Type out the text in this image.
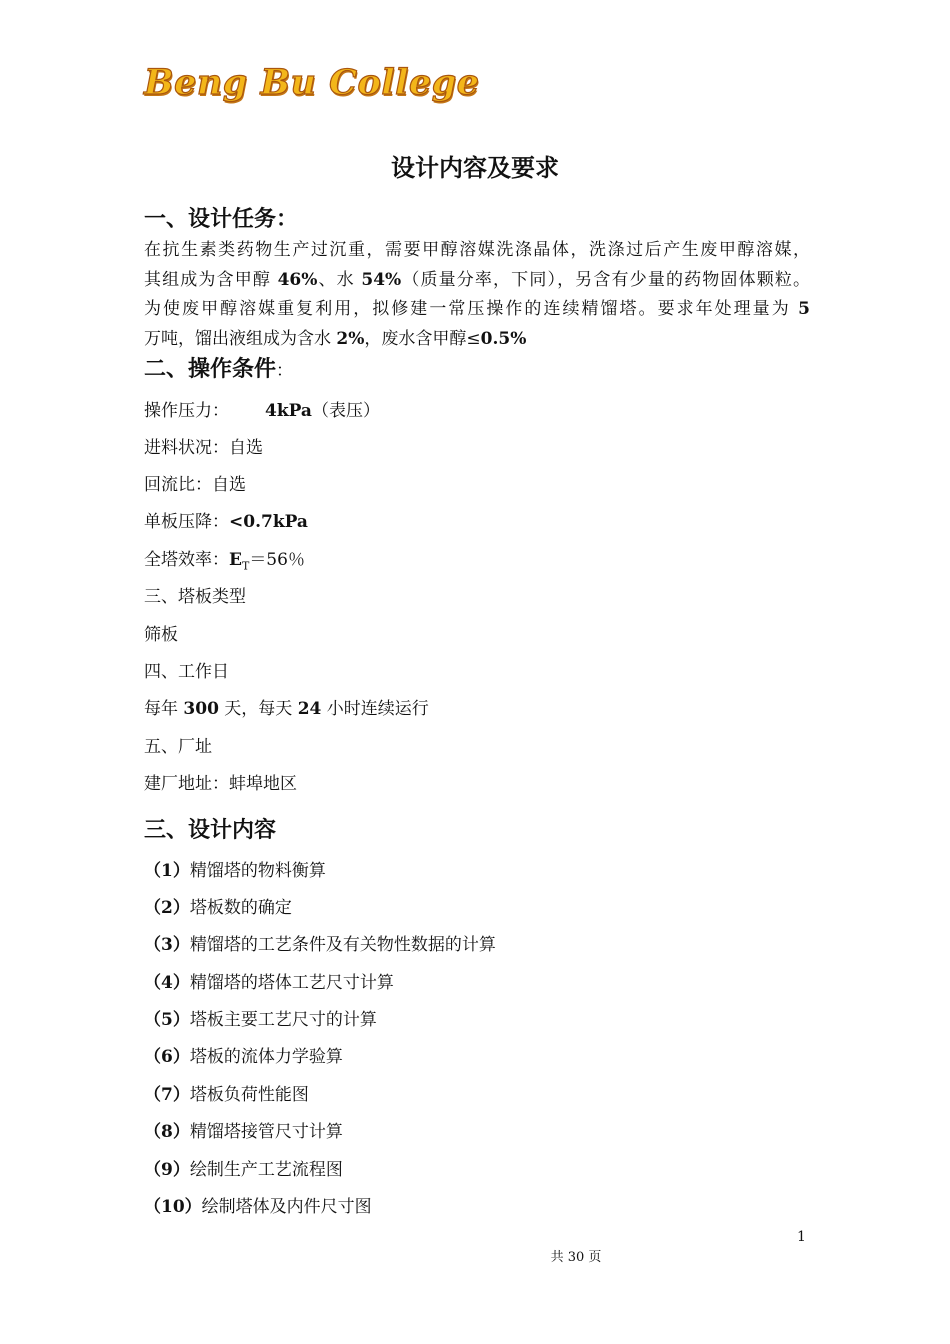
Beng Bu College
设计内容及要求
一、设计任务：
在抗生素类药物生产过沉重，需要甲醇溶媒洗涤晶体，洗涤过后产生废甲醇溶媒，
其组成为含甲醇 46%、水 54%（质量分率，下同），另含有少量的药物固体颗粒。
为使废甲醇溶媒重复利用，拟修建一常压操作的连续精馏塔。要求年处理量为 5
万吨，馏出液组成为含水 2%，废水含甲醇≤0.5%
二、操作条件：
操作压力： 4kPa（表压）
进料状况：自选
回流比：自选
单板压降：<0.7kPa
全塔效率：$E_T=56$％
三、塔板类型
筛板
四、工作日
每年 300 天，每天 24 小时连续运行
五、厂址
建厂地址：蚌埠地区
三、设计内容
（1）精馏塔的物料衡算
（2）塔板数的确定
（3）精馏塔的工艺条件及有关物性数据的计算
（4）精馏塔的塔体工艺尺寸计算
（5）塔板主要工艺尺寸的计算
（6）塔板的流体力学验算
（7）塔板负荷性能图
（8）精馏塔接管尺寸计算
（9）绘制生产工艺流程图
（10）绘制塔体及内件尺寸图
1
共 30 页
